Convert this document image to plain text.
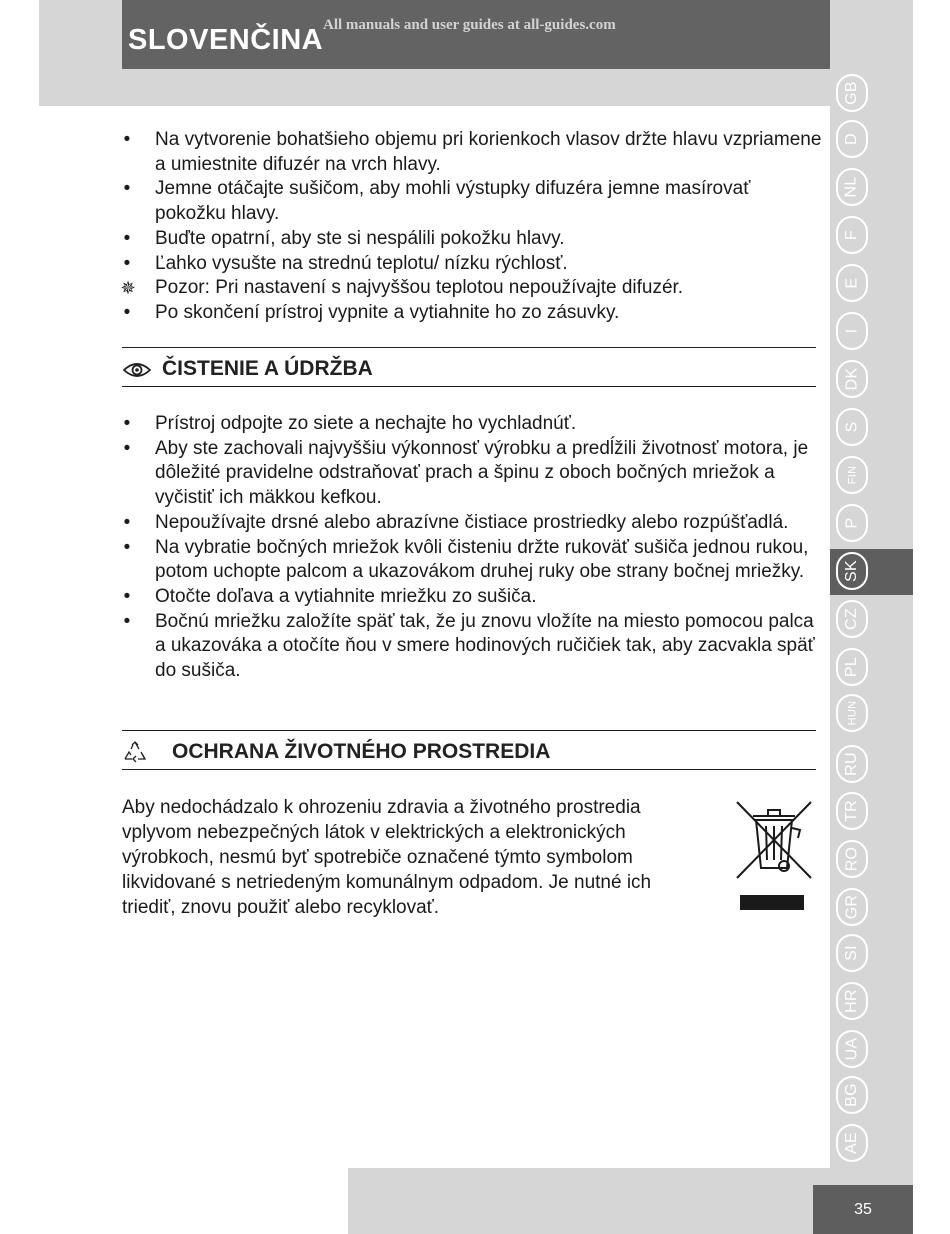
SLOVENČINA All manuals and user guides at all-guides.com
GB
D
NL
F
E
I
DK
S
FIN
P
SK
CZ
PL
HUN
RU
TR
RO
GR
SI
HR
UA
BG
AE
• Na vytvorenie bohatšieho objemu pri korienkoch vlasov držte hlavu vzpriamene a umiestnite difuzér na vrch hlavy.
• Jemne otáčajte sušičom, aby mohli výstupky difuzéra jemne masírovať pokožku hlavy.
• Buďte opatrní, aby ste si nespálili pokožku hlavy.
• Ľahko vysušte na strednú teplotu/ nízku rýchlosť.
✵ Pozor: Pri nastavení s najvyššou teplotou nepoužívajte difuzér.
• Po skončení prístroj vypnite a vytiahnite ho zo zásuvky.
ČISTENIE A ÚDRŽBA
• Prístroj odpojte zo siete a nechajte ho vychladnúť.
• Aby ste zachovali najvyššiu výkonnosť výrobku a predĺžili životnosť motora, je dôležité pravidelne odstraňovať prach a špinu z oboch bočných mriežok a vyčistiť ich mäkkou kefkou.
• Nepoužívajte drsné alebo abrazívne čistiace prostriedky alebo rozpúšťadlá.
• Na vybratie bočných mriežok kvôli čisteniu držte rukoväť sušiča jednou rukou, potom uchopte palcom a ukazovákom druhej ruky obe strany bočnej mriežky.
• Otočte doľava a vytiahnite mriežku zo sušiča.
• Bočnú mriežku založíte späť tak, že ju znovu vložíte na miesto pomocou palca a ukazováka a otočíte ňou v smere hodinových ručičiek tak, aby zacvakla späť do sušiča.
OCHRANA ŽIVOTNÉHO PROSTREDIA

Aby nedochádzalo k ohrozeniu zdravia a životného prostredia vplyvom nebezpečných látok v elektrických a elektronických výrobkoch, nesmú byť spotrebiče označené týmto symbolom likvidované s netriedeným komunálnym odpadom. Je nutné ich triediť, znovu použiť alebo recyklovať.

35
